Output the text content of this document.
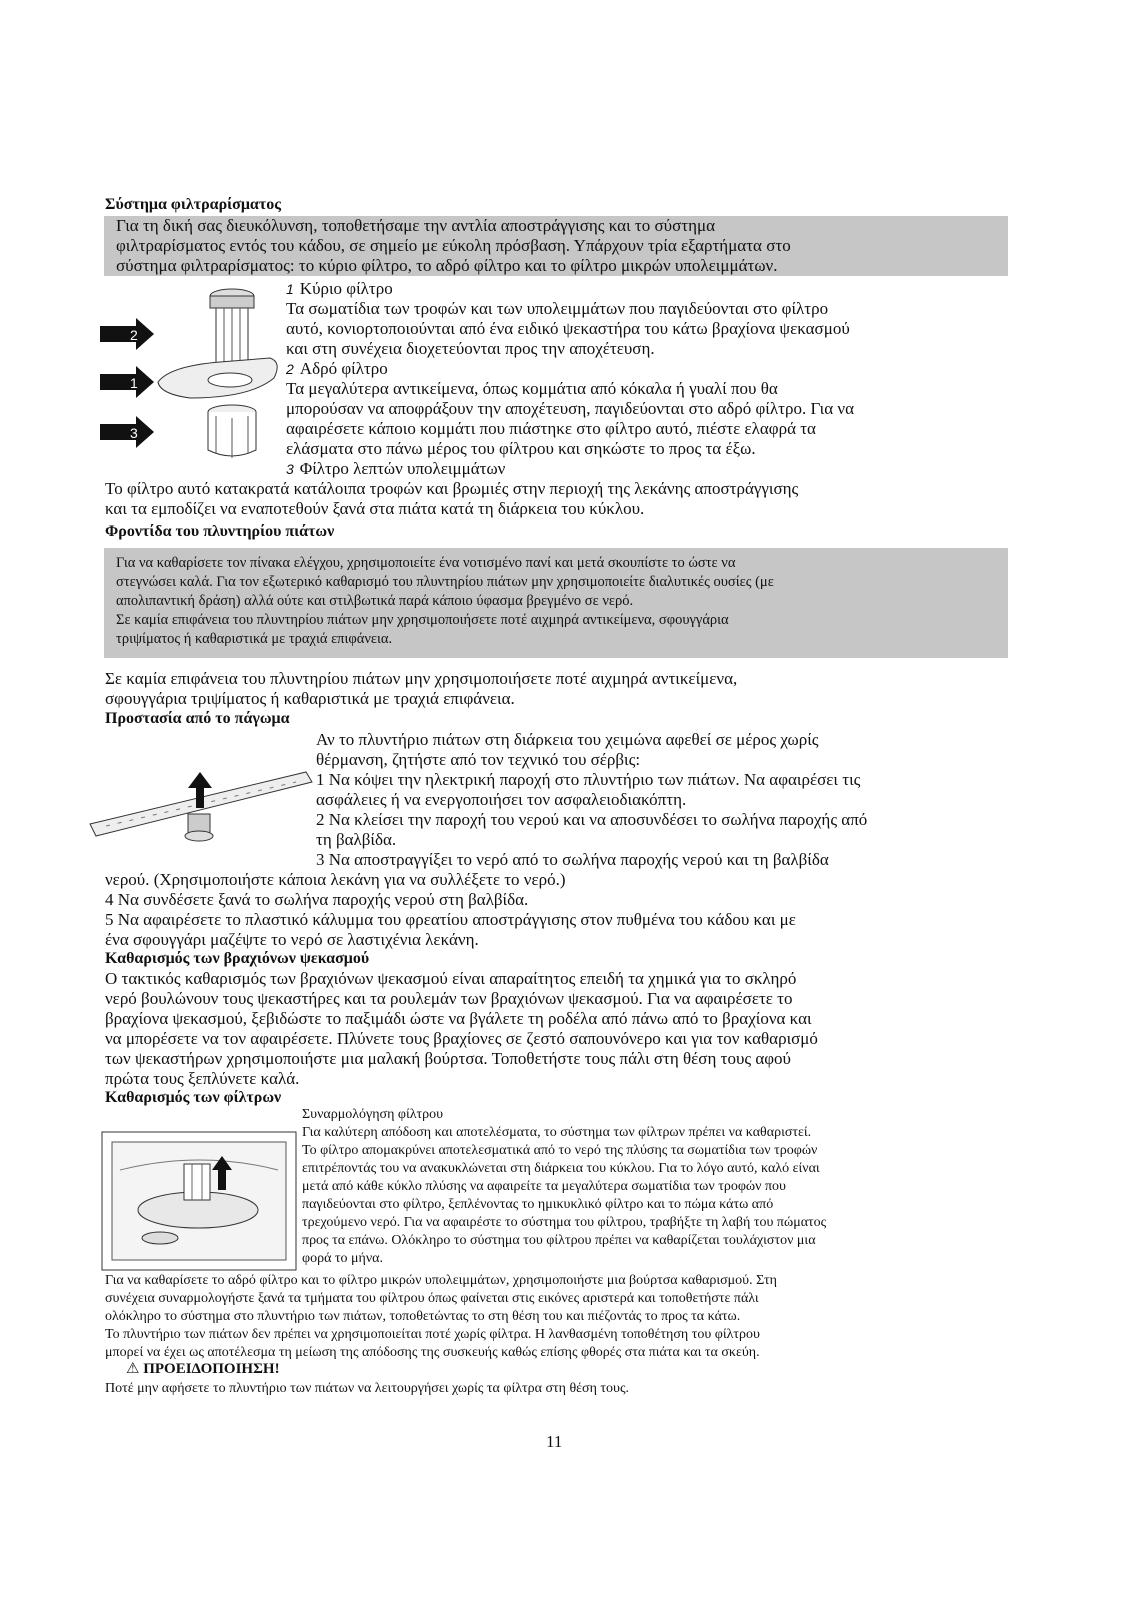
Σύστημα φιλτραρίσματος
Για τη δική σας διευκόλυνση, τοποθετήσαμε την αντλία αποστράγγισης και το σύστημα
φιλτραρίσματος εντός του κάδου, σε σημείο με εύκολη πρόσβαση. Υπάρχουν τρία εξαρτήματα στο
σύστημα φιλτραρίσματος: το κύριο φίλτρο, το αδρό φίλτρο και το φίλτρο μικρών υπολειμμάτων.
2
1
3
1 Κύριο φίλτρο
Τα σωματίδια των τροφών και των υπολειμμάτων που παγιδεύονται στο φίλτρο
αυτό, κονιορτοποιούνται από ένα ειδικό ψεκαστήρα του κάτω βραχίονα ψεκασμού
και στη συνέχεια διοχετεύονται προς την αποχέτευση.
2 Αδρό φίλτρο
Τα μεγαλύτερα αντικείμενα, όπως κομμάτια από κόκαλα ή γυαλί που θα
μπορούσαν να αποφράξουν την αποχέτευση, παγιδεύονται στο αδρό φίλτρο. Για να
αφαιρέσετε κάποιο κομμάτι που πιάστηκε στο φίλτρο αυτό, πιέστε ελαφρά τα
ελάσματα στο πάνω μέρος του φίλτρου και σηκώστε το προς τα έξω.
3 Φίλτρο λεπτών υπολειμμάτων
Το φίλτρο αυτό κατακρατά κατάλοιπα τροφών και βρωμιές στην περιοχή της λεκάνης αποστράγγισης
και τα εμποδίζει να εναποτεθούν ξανά στα πιάτα κατά τη διάρκεια του κύκλου.
Φροντίδα του πλυντηρίου πιάτων
Για να καθαρίσετε τον πίνακα ελέγχου, χρησιμοποιείτε ένα νοτισμένο πανί και μετά σκουπίστε το ώστε να
στεγνώσει καλά. Για τον εξωτερικό καθαρισμό του πλυντηρίου πιάτων μην χρησιμοποιείτε διαλυτικές ουσίες (με
απολιπαντική δράση) αλλά ούτε και στιλβωτικά παρά κάποιο ύφασμα βρεγμένο σε νερό.
Σε καμία επιφάνεια του πλυντηρίου πιάτων μην χρησιμοποιήσετε ποτέ αιχμηρά αντικείμενα, σφουγγάρια
τριψίματος ή καθαριστικά με τραχιά επιφάνεια.
Σε καμία επιφάνεια του πλυντηρίου πιάτων μην χρησιμοποιήσετε ποτέ αιχμηρά αντικείμενα,
σφουγγάρια τριψίματος ή καθαριστικά με τραχιά επιφάνεια.
Προστασία από το πάγωμα
Αν το πλυντήριο πιάτων στη διάρκεια του χειμώνα αφεθεί σε μέρος χωρίς
θέρμανση, ζητήστε από τον τεχνικό του σέρβις:
1 Να κόψει την ηλεκτρική παροχή στο πλυντήριο των πιάτων. Να αφαιρέσει τις
ασφάλειες ή να ενεργοποιήσει τον ασφαλειοδιακόπτη.
2 Να κλείσει την παροχή του νερού και να αποσυνδέσει το σωλήνα παροχής από
τη βαλβίδα.
3 Να αποστραγγίξει το νερό από το σωλήνα παροχής νερού και τη βαλβίδα
νερού. (Χρησιμοποιήστε κάποια λεκάνη για να συλλέξετε το νερό.)
4 Να συνδέσετε ξανά το σωλήνα παροχής νερού στη βαλβίδα.
5 Να αφαιρέσετε το πλαστικό κάλυμμα του φρεατίου αποστράγγισης στον πυθμένα του κάδου και με
ένα σφουγγάρι μαζέψτε το νερό σε λαστιχένια λεκάνη.
Καθαρισμός των βραχιόνων ψεκασμού
Ο τακτικός καθαρισμός των βραχιόνων ψεκασμού είναι απαραίτητος επειδή τα χημικά για το σκληρό
νερό βουλώνουν τους ψεκαστήρες και τα ρουλεμάν των βραχιόνων ψεκασμού. Για να αφαιρέσετε το
βραχίονα ψεκασμού, ξεβιδώστε το παξιμάδι ώστε να βγάλετε τη ροδέλα από πάνω από το βραχίονα και
να μπορέσετε να τον αφαιρέσετε. Πλύνετε τους βραχίονες σε ζεστό σαπουνόνερο και για τον καθαρισμό
των ψεκαστήρων χρησιμοποιήστε μια μαλακή βούρτσα. Τοποθετήστε τους πάλι στη θέση τους αφού
πρώτα τους ξεπλύνετε καλά.
Καθαρισμός των φίλτρων
Συναρμολόγηση φίλτρου
Για καλύτερη απόδοση και αποτελέσματα, το σύστημα των φίλτρων πρέπει να καθαριστεί.
Το φίλτρο απομακρύνει αποτελεσματικά από το νερό της πλύσης τα σωματίδια των τροφών
επιτρέποντάς του να ανακυκλώνεται στη διάρκεια του κύκλου. Για το λόγο αυτό, καλό είναι
μετά από κάθε κύκλο πλύσης να αφαιρείτε τα μεγαλύτερα σωματίδια των τροφών που
παγιδεύονται στο φίλτρο, ξεπλένοντας το ημικυκλικό φίλτρο και το πώμα κάτω από
τρεχούμενο νερό. Για να αφαιρέστε το σύστημα του φίλτρου, τραβήξτε τη λαβή του πώματος
προς τα επάνω. Ολόκληρο το σύστημα του φίλτρου πρέπει να καθαρίζεται τουλάχιστον μια
φορά το μήνα.
Για να καθαρίσετε το αδρό φίλτρο και το φίλτρο μικρών υπολειμμάτων, χρησιμοποιήστε μια βούρτσα καθαρισμού. Στη
συνέχεια συναρμολογήστε ξανά τα τμήματα του φίλτρου όπως φαίνεται στις εικόνες αριστερά και τοποθετήστε πάλι
ολόκληρο το σύστημα στο πλυντήριο των πιάτων, τοποθετώντας το στη θέση του και πιέζοντάς το προς τα κάτω.
Το πλυντήριο των πιάτων δεν πρέπει να χρησιμοποιείται ποτέ χωρίς φίλτρα. Η λανθασμένη τοποθέτηση του φίλτρου
μπορεί να έχει ως αποτέλεσμα τη μείωση της απόδοσης της συσκευής καθώς επίσης φθορές στα πιάτα και τα σκεύη.
⚠ ΠΡΟΕΙΔΟΠΟΙΗΣΗ!
Ποτέ μην αφήσετε το πλυντήριο των πιάτων να λειτουργήσει χωρίς τα φίλτρα στη θέση τους.
11
